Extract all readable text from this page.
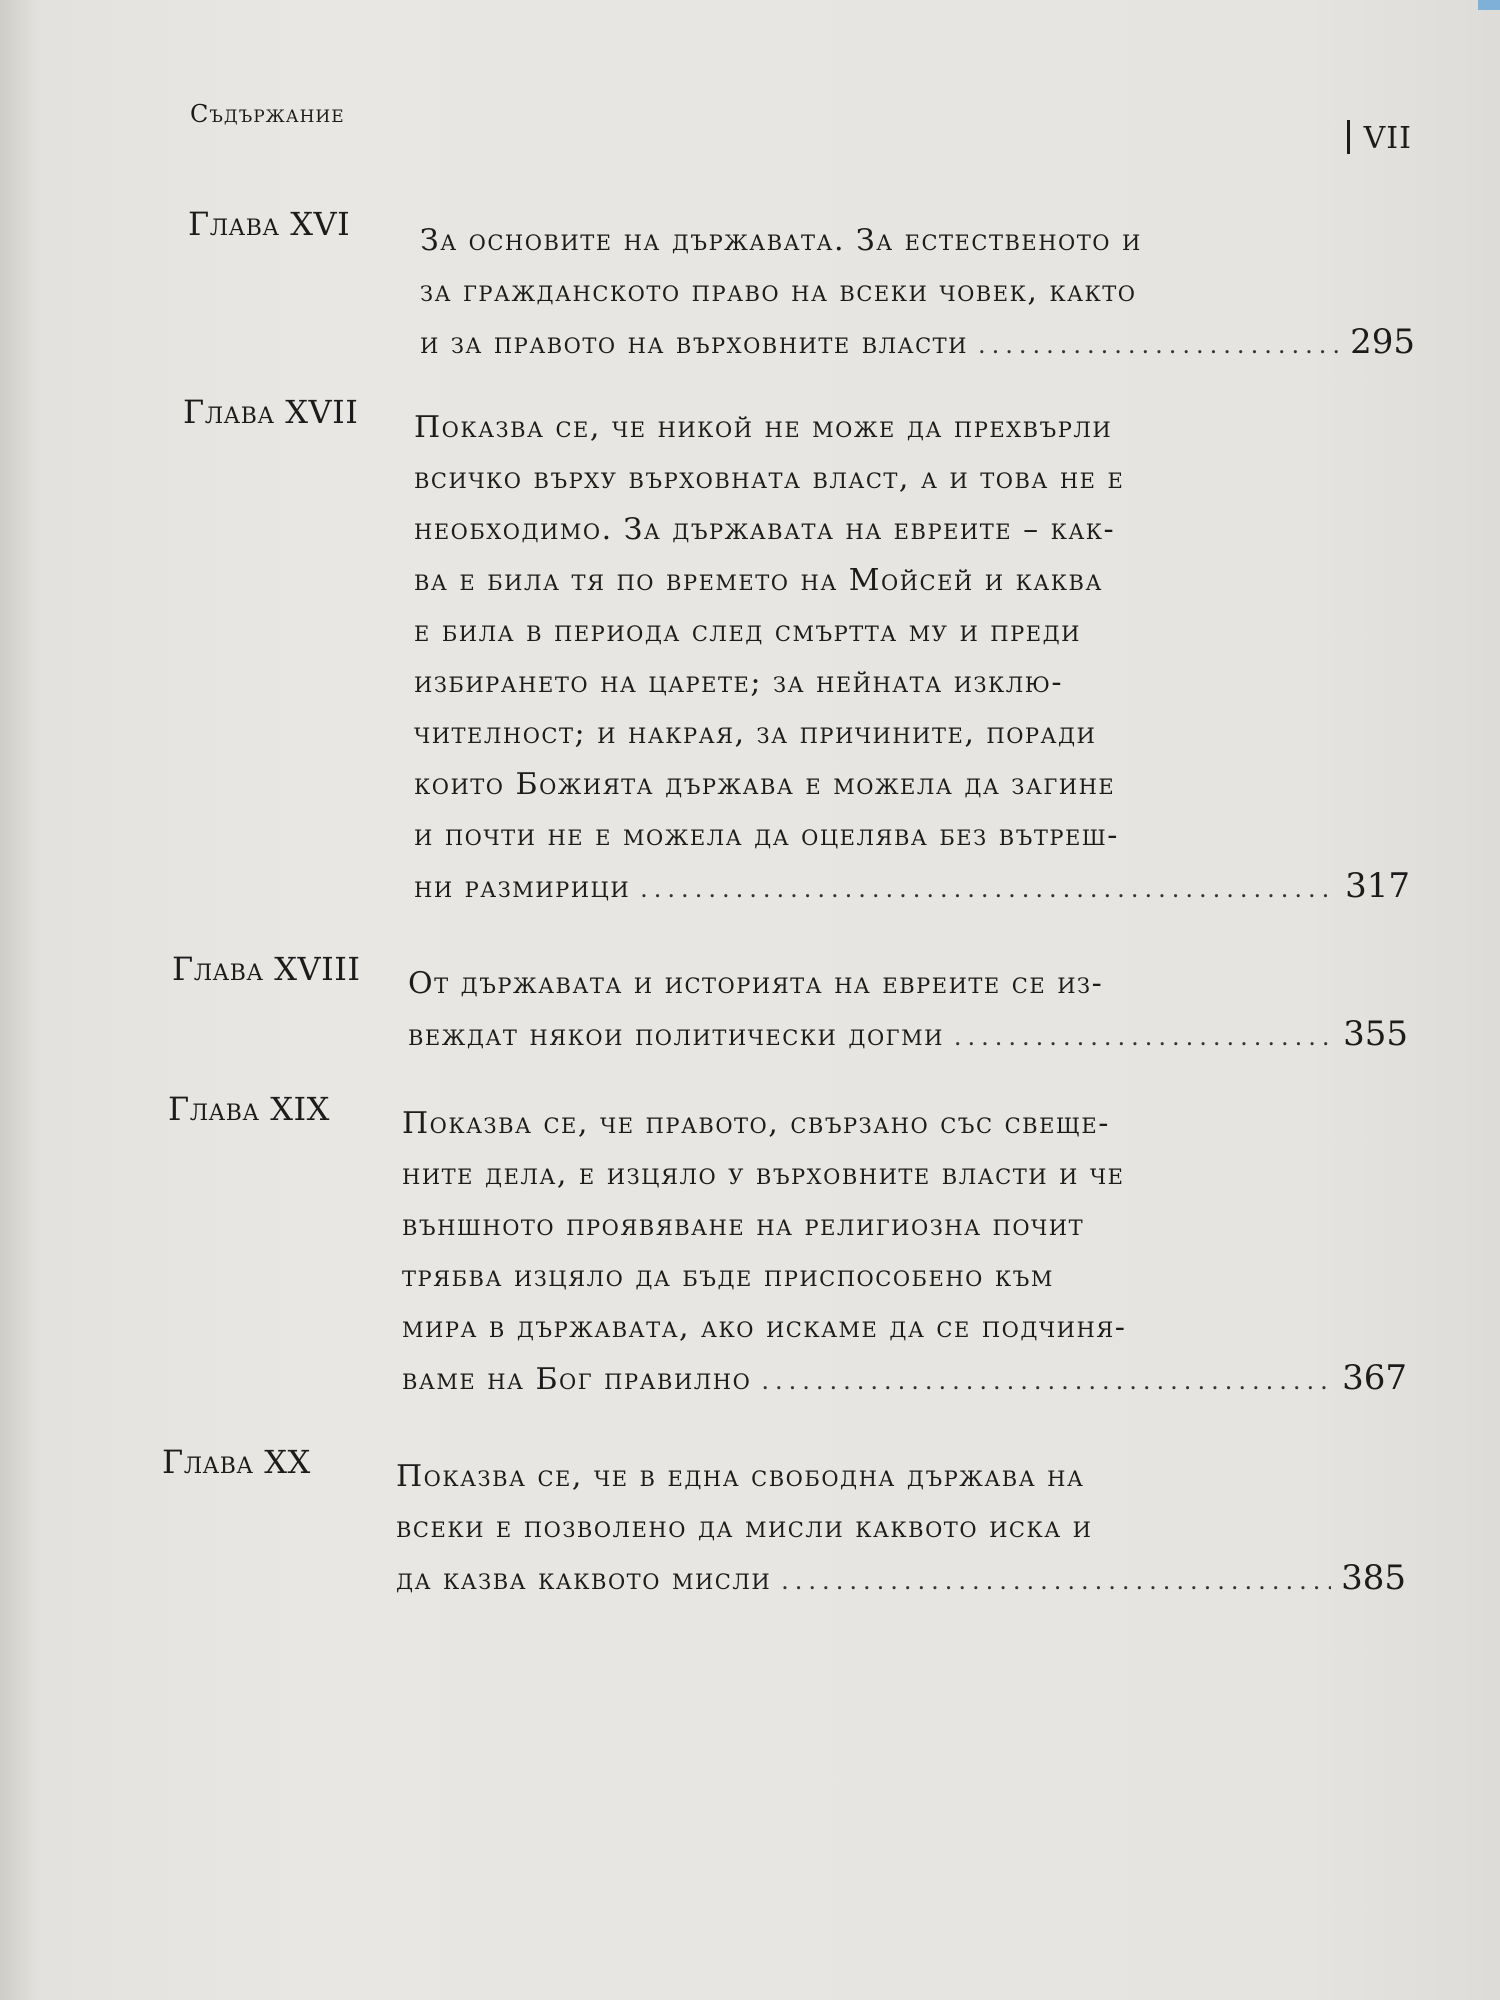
Съдържание
VII
Глава XVI За основите на държавата. За естественото и
за гражданското право на всеки човек, както
и за правото на върховните власти .....	295
Глава XVII Показва се, че никой не може да прехвърли
всичко върху върховната власт, а и това не е
необходимо. За държавата на евреите – как-
ва е била тя по времето на Мойсей и каква
е била в периода след смъртта му и преди
избирането на царете; за нейната изклю-
чителност; и накрая, за причините, поради
които Божията държава е можела да загине
и почти не е можела да оцелява без вътреш-
ни размирици .....	317
Глава XVIII От държавата и историята на евреите се из-
веждат някои политически догми .....	355
Глава XIX Показва се, че правото, свързано със свеще-
ните дела, е изцяло у върховните власти и че
външното проявяване на религиозна почит
трябва изцяло да бъде приспособено към
мира в държавата, ако искаме да се подчиня-
ваме на Бог правилно .....	367
Глава XX	Показва се, че в една свободна държава на
всеки е позволено да мисли каквото иска и
да казва каквото мисли .....	385
